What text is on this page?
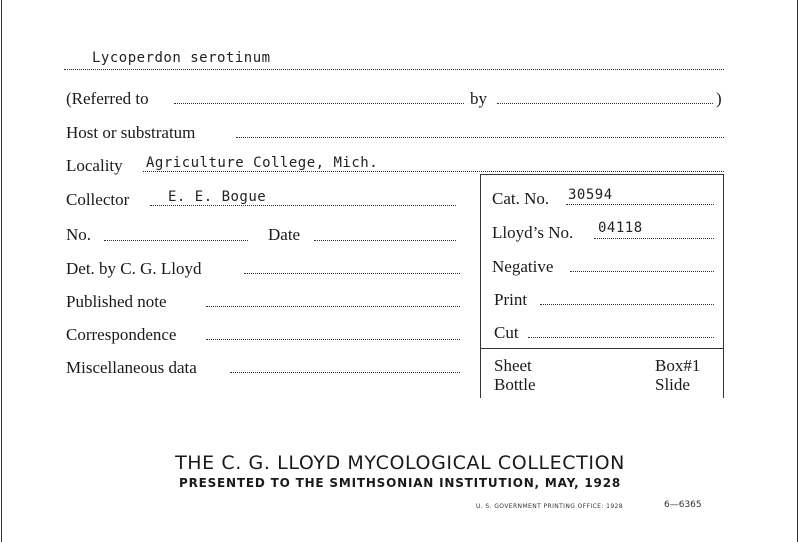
Lycoperdon serotinum
(Referred to	by	)
Host or substratum
Locality Agriculture College, Mich.
Collector	E. E. Bogue	Cat. No. 30594
No.	Date	Lloyd’s No. 04118
Det. by C. G. Lloyd	Negative
Published note	Print
Correspondence	Cut
Miscellaneous data	Sheet	Box#1
Bottle	Slide
THE C. G. LLOYD MYCOLOGICAL COLLECTION
PRESENTED TO THE SMITHSONIAN INSTITUTION, MAY, 1928
U. S. GOVERNMENT PRINTING OFFICE: 1928	6—6365
